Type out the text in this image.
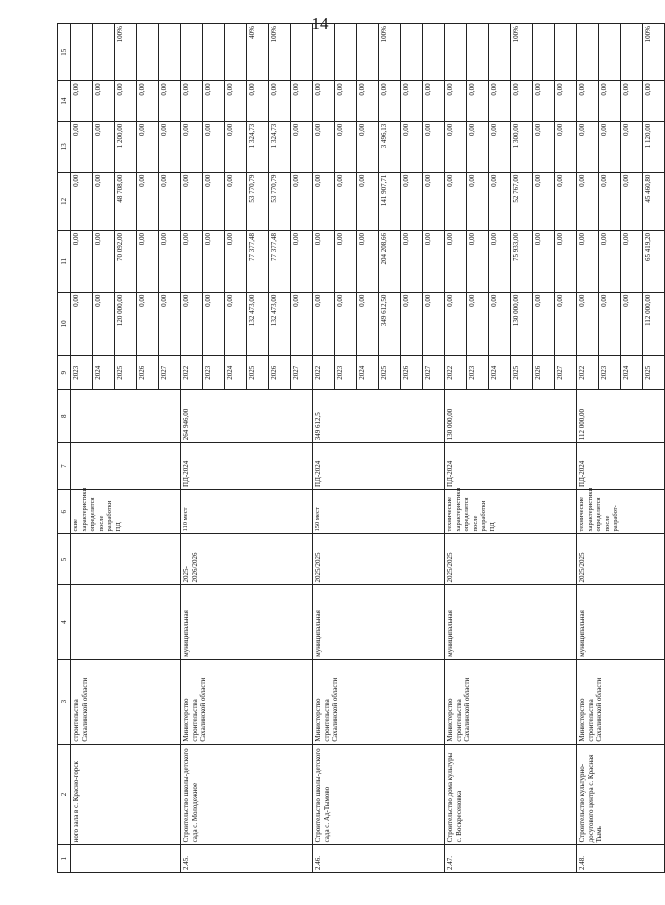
14
1	2	3	4	5	6	7	8	9	10	11	12	13	14	15
	ного зала в с. Красно-горск	строительства Сахалинской области			ские характеристики определятся после разработки ПД			2023	0,00	0,00	0,00	0,00	0,00	
								2024	0,00	0,00	0,00	0,00	0,00	
								2025	120 000,00	70 092,00	48 708,00	1 200,00	0,00	100%
								2026	0,00	0,00	0,00	0,00	0,00	
								2027	0,00	0,00	0,00	0,00	0,00	
2.45.	Строительство школы-детского сада с. Молодежное	Министерство строительства Сахалинской области	муниципальная	2025-2026/2026	110 мест	ПД-2024	264 946,00	2022	0,00	0,00	0,00	0,00	0,00	
								2023	0,00	0,00	0,00	0,00	0,00	
								2024	0,00	0,00	0,00	0,00	0,00	
								2025	132 473,00	77 377,48	53 770,79	1 324,73	0,00	40%
								2026	132 473,00	77 377,48	53 770,79	1 324,73	0,00	100%
								2027	0,00	0,00	0,00	0,00	0,00	
2.46.	Строительство школы-детского сада с. Ад-Тымово	Министерство строительства Сахалинской области	муниципальная	2025/2025	150 мест	ПД-2024	349 612,5	2022	0,00	0,00	0,00	0,00	0,00	
								2023	0,00	0,00	0,00	0,00	0,00	
								2024	0,00	0,00	0,00	0,00	0,00	
								2025	349 612,50	204 208,66	141 907,71	3 496,13	0,00	100%
								2026	0,00	0,00	0,00	0,00	0,00	
								2027	0,00	0,00	0,00	0,00	0,00	
2.47.	Строительство дома культуры с. Воскресеновка	Министерство строительства Сахалинской области	муниципальная	2025/2025	технические характеристики определятся после разработки ПД	ПД-2024	130 000,00	2022	0,00	0,00	0,00	0,00	0,00	
								2023	0,00	0,00	0,00	0,00	0,00	
								2024	0,00	0,00	0,00	0,00	0,00	
								2025	130 000,00	75 933,00	52 767,00	1 300,00	0,00	100%
								2026	0,00	0,00	0,00	0,00	0,00	
								2027	0,00	0,00	0,00	0,00	0,00	
2.48.	Строительство культурно-досугового центра с. Красная Тымь	Министерство строительства Сахалинской области	муниципальная	2025/2025	технические характеристики определятся после разработ-	ПД-2024	112 000,00	2022	0,00	0,00	0,00	0,00	0,00	
								2023	0,00	0,00	0,00	0,00	0,00	
								2024	0,00	0,00	0,00	0,00	0,00	
								2025	112 000,00	65 419,20	45 460,80	1 120,00	0,00	100%
